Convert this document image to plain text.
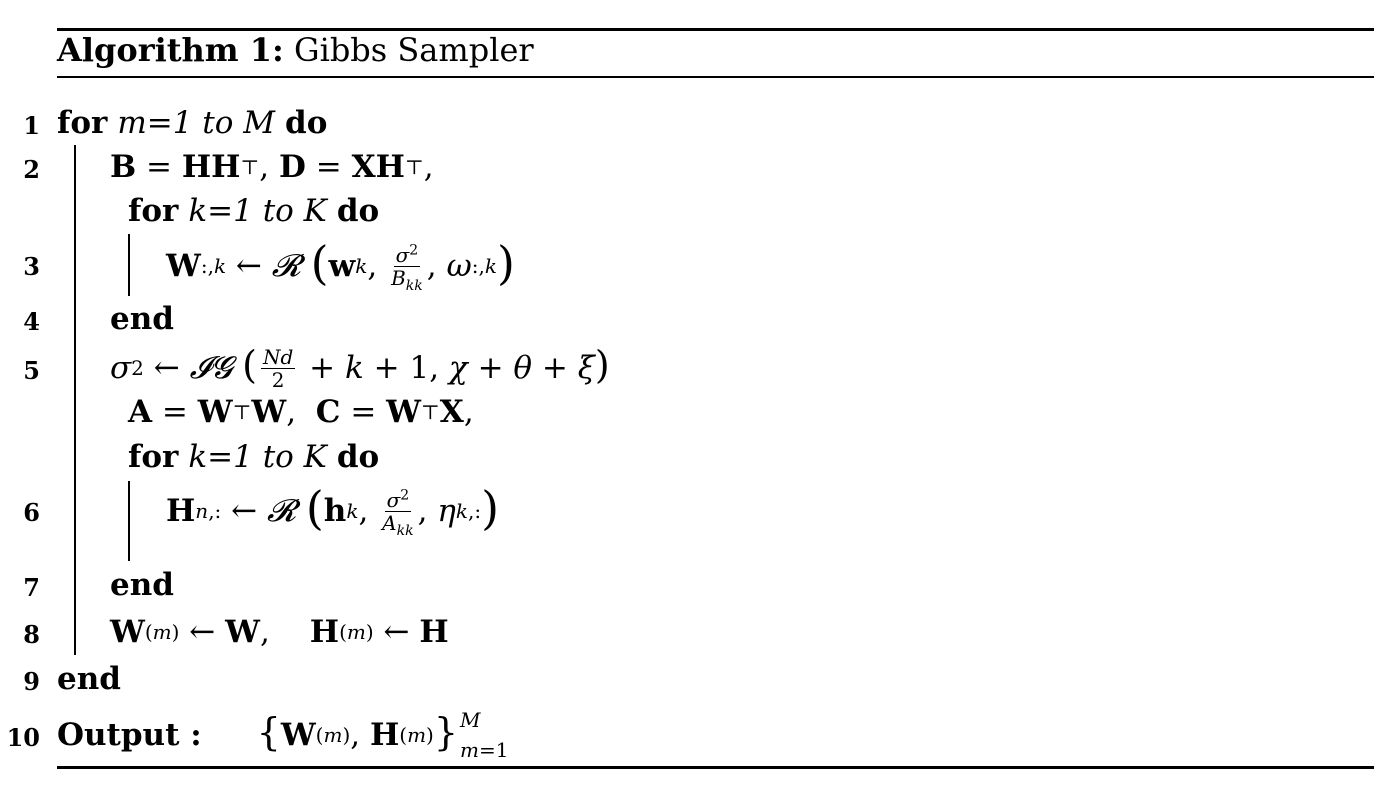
Algorithm 1: Gibbs Sampler
1
2
3
4
5
6
7
8
9
10
for m=1 to M do
B = HH ⊤ , D = XH ⊤ ,
for k=1 to K do
W :,k ← 𝓡
( w k , $\frac{\sigma^2}{B_{kk}}$ , ω :,k )
end
σ 2 ← 𝓘𝓖
( $\frac{Nd}{2} + k + 1$, χ + θ + ξ )
A = W ⊤ W , C = W ⊤ X ,
for k=1 to K do
H n,: ← 𝓡
( h k , $\frac{\sigma^2}{A_{kk}}$ , η k,: )
end
W (m) ← W , H (m) ← H
end
Output : { W (m) , H (m) } M
m=1
